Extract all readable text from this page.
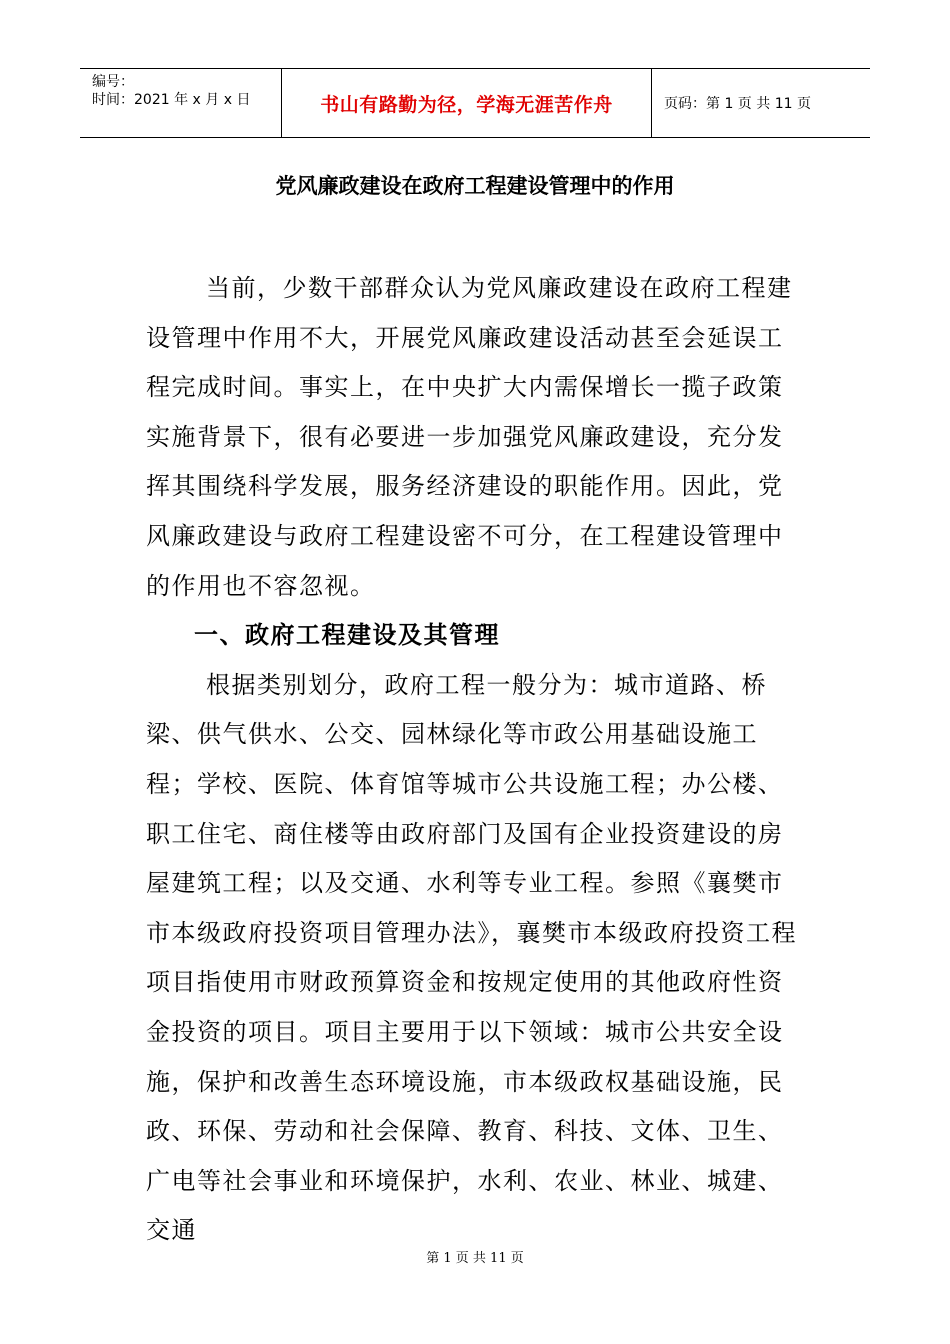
编号：
时间：2021 年 x 月 x 日	书山有路勤为径，学海无涯苦作舟	页码：第 1 页 共 11 页
党风廉政建设在政府工程建设管理中的作用

当前，少数干部群众认为党风廉政建设在政府工程建设管理中作用不大，开展党风廉政建设活动甚至会延误工程完成时间。事实上，在中央扩大内需保增长一揽子政策实施背景下，很有必要进一步加强党风廉政建设，充分发挥其围绕科学发展，服务经济建设的职能作用。因此，党风廉政建设与政府工程建设密不可分，在工程建设管理中的作用也不容忽视。

一、政府工程建设及其管理

根据类别划分，政府工程一般分为：城市道路、桥梁、供气供水、公交、园林绿化等市政公用基础设施工程；学校、医院、体育馆等城市公共设施工程；办公楼、职工住宅、商住楼等由政府部门及国有企业投资建设的房屋建筑工程；以及交通、水利等专业工程。参照《襄樊市市本级政府投资项目管理办法》，襄樊市本级政府投资工程项目指使用市财政预算资金和按规定使用的其他政府性资金投资的项目。项目主要用于以下领域：城市公共安全设施，保护和改善生态环境设施，市本级政权基础设施，民政、环保、劳动和社会保障、教育、科技、文体、卫生、广电等社会事业和环境保护，水利、农业、林业、城建、交通

第 1 页 共 11 页
